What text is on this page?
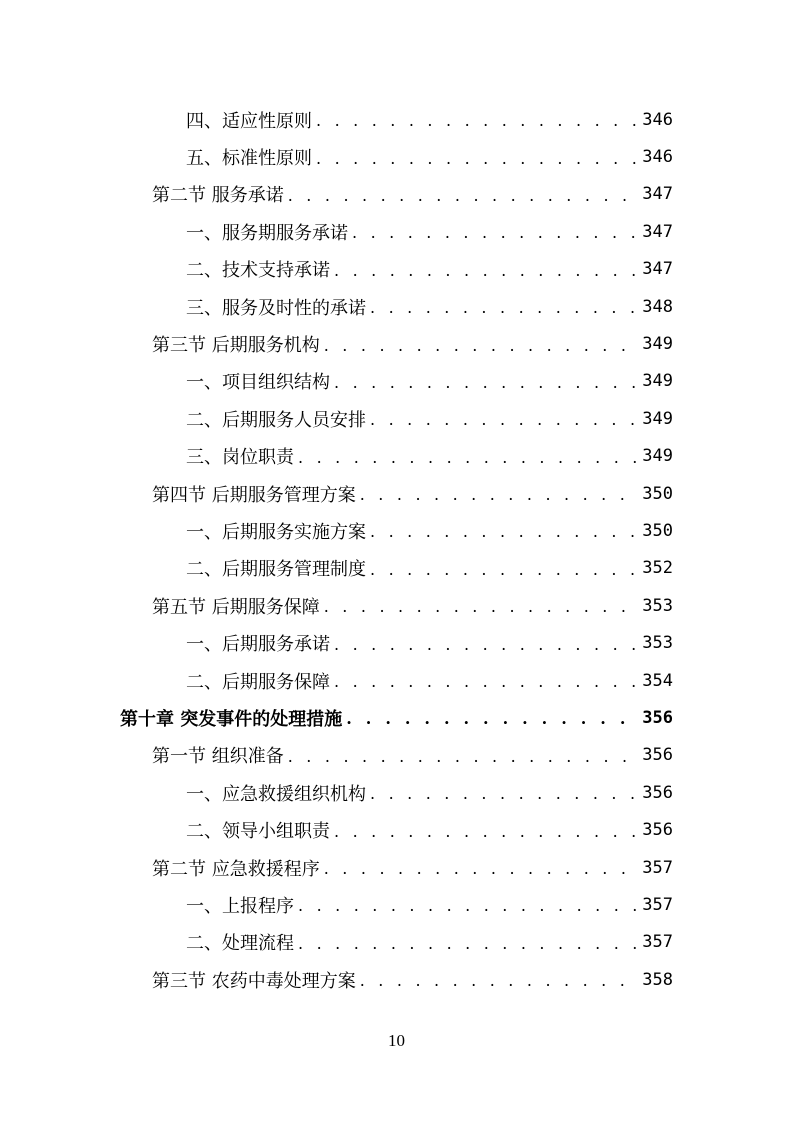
四、适应性原则 . . .	346
五、标准性原则 . . .	346
第二节 服务承诺 . . .	347
一、服务期服务承诺 . . .	347
二、技术支持承诺 . . .	347
三、服务及时性的承诺 . . .	348
第三节 后期服务机构 . . .	349
一、项目组织结构 . . .	349
二、后期服务人员安排 . . .	349
三、岗位职责 . . .	349
第四节 后期服务管理方案 . . .	350
一、后期服务实施方案 . . .	350
二、后期服务管理制度 . . .	352
第五节 后期服务保障 . . .	353
一、后期服务承诺 . . .	353
二、后期服务保障 . . .	354
第十章 突发事件的处理措施 . . .	356
第一节 组织准备 . . .	356
一、应急救援组织机构 . . .	356
二、领导小组职责 . . .	356
第二节 应急救援程序 . . .	357
一、上报程序 . . .	357
二、处理流程 . . .	357
第三节 农药中毒处理方案 . . .	358
10
